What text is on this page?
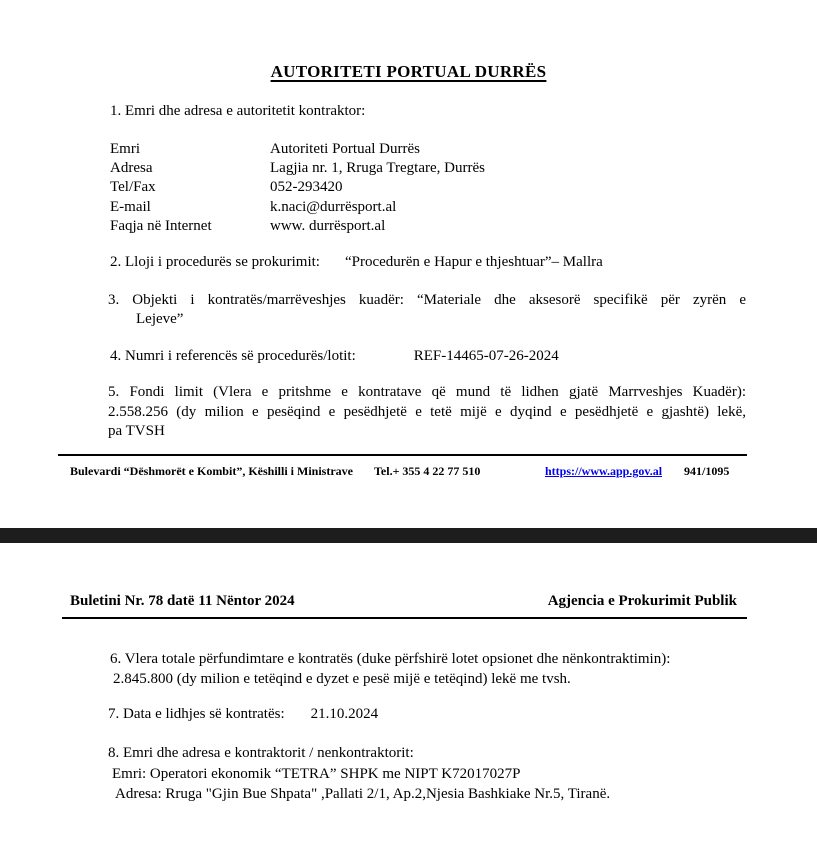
AUTORITETI PORTUAL DURRËS
1. Emri dhe adresa e autoritetit kontraktor:
Emri	Autoriteti Portual Durrës
Adresa	Lagjia nr. 1, Rruga Tregtare, Durrës
Tel/Fax	052-293420
E-mail	k.naci@durrësport.al
Faqja në Internet	www. durrësport.al
2. Lloji i procedurës se prokurimit: “Procedurën e Hapur e thjeshtuar”– Mallra
3. Objekti i kontratës/marrëveshjes kuadër: “Materiale dhe aksesorë specifikë për zyrën e
Lejeve”
4. Numri i referencës së procedurës/lotit:	REF-14465-07-26-2024
5. Fondi limit (Vlera e pritshme e kontratave që mund të lidhen gjatë Marrveshjes Kuadër):
2.558.256 (dy milion e pesëqind e pesëdhjetë e tetë mijë e dyqind e pesëdhjetë e gjashtë) lekë,
pa TVSH
Bulevardi “Dëshmorët e Kombit”, Këshilli i Ministrave Tel.+ 355 4 22 77 510	https://www.app.gov.al 941/1095
Buletini Nr. 78 datë 11 Nëntor 2024	Agjencia e Prokurimit Publik
6. Vlera totale përfundimtare e kontratës (duke përfshirë lotet opsionet dhe nënkontraktimin):
2.845.800 (dy milion e tetëqind e dyzet e pesë mijë e tetëqind) lekë me tvsh.
7. Data e lidhjes së kontratës: 21.10.2024
8. Emri dhe adresa e kontraktorit / nenkontraktorit:
Emri: Operatori ekonomik “TETRA” SHPK me NIPT K72017027P
Adresa: Rruga "Gjin Bue Shpata" ,Pallati 2/1, Ap.2,Njesia Bashkiake Nr.5, Tiranë.
